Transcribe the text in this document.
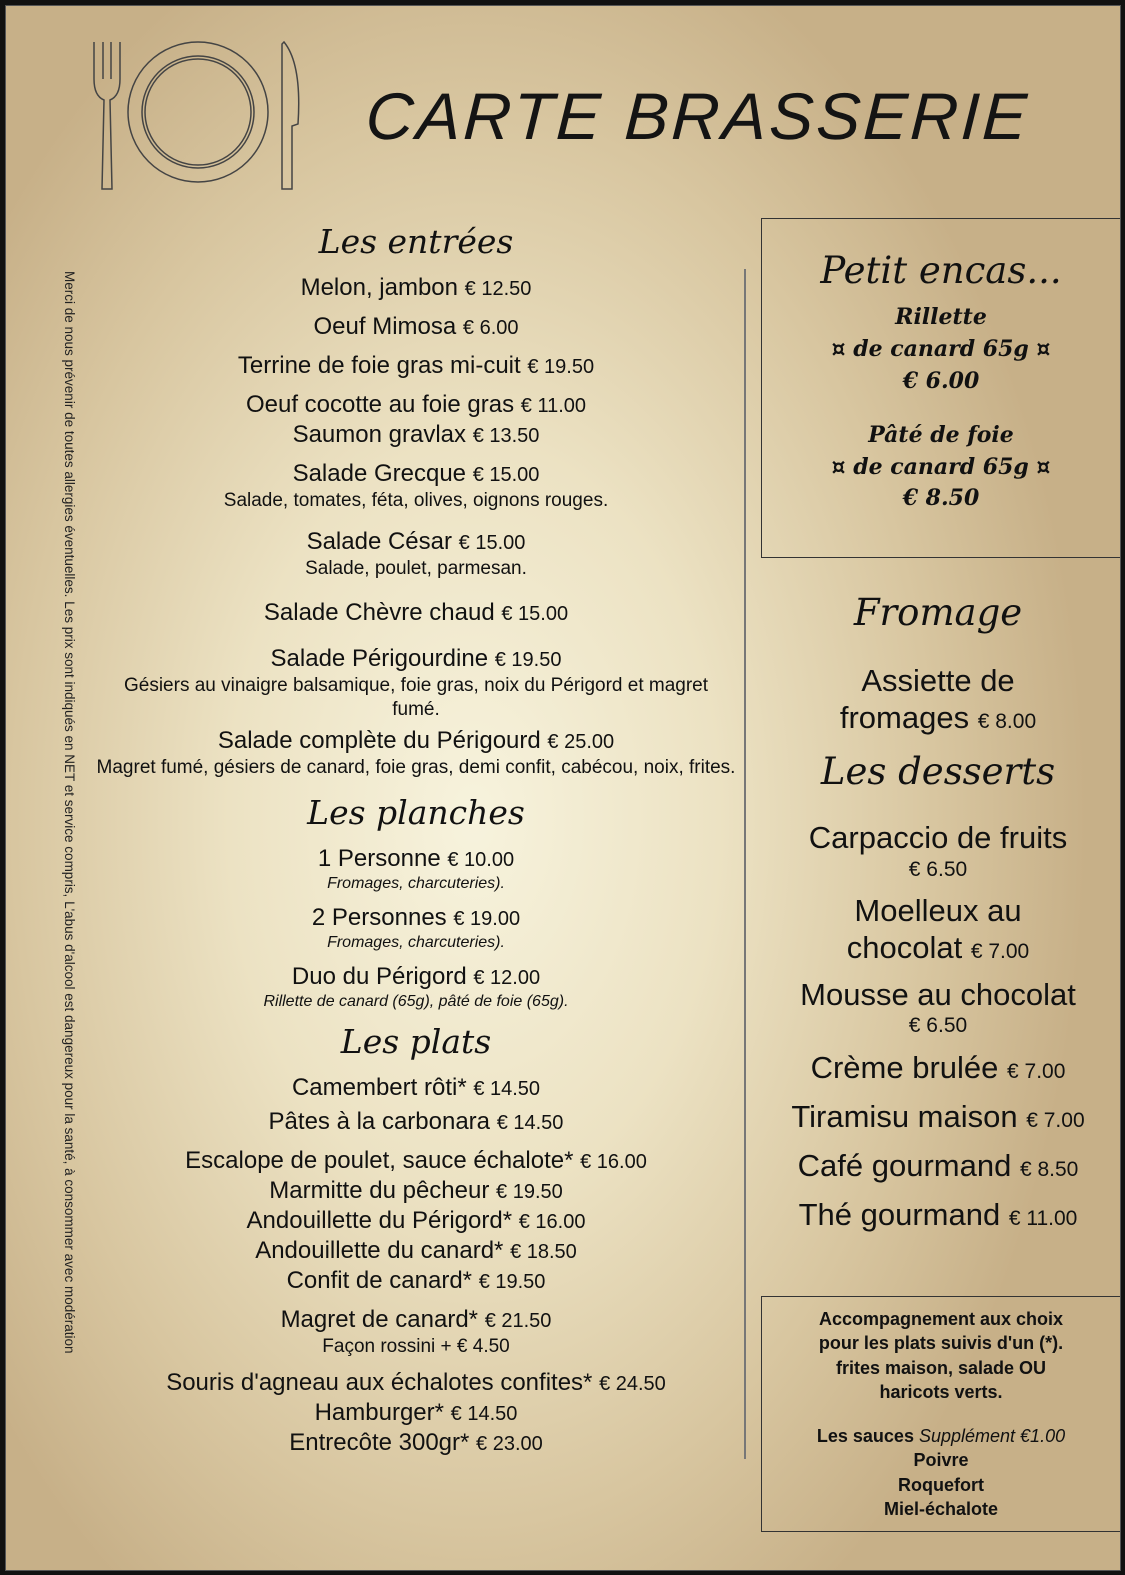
CARTE BRASSERIE
Merci de nous prévenir de toutes allergies éventuelles. Les prix sont indiqués en NET et service compris, L'abus d'alcool est dangereux pour la santé, à consommer avec modération
Les entrées
Melon, jambon € 12.50
Oeuf Mimosa € 6.00
Terrine de foie gras mi-cuit € 19.50
Oeuf cocotte au foie gras € 11.00
Saumon gravlax € 13.50
Salade Grecque € 15.00
Salade, tomates, féta, olives, oignons rouges.
Salade César € 15.00
Salade, poulet, parmesan.
Salade Chèvre chaud € 15.00
Salade Périgourdine € 19.50
Gésiers au vinaigre balsamique, foie gras, noix du Périgord et magret fumé.
Salade complète du Périgourd € 25.00
Magret fumé, gésiers de canard, foie gras, demi confit, cabécou, noix, frites.
Les planches
1 Personne € 10.00
Fromages, charcuteries).
2 Personnes € 19.00
Fromages, charcuteries).
Duo du Périgord € 12.00
Rillette de canard (65g), pâté de foie (65g).
Les plats
Camembert rôti* € 14.50
Pâtes à la carbonara € 14.50
Escalope de poulet, sauce échalote* € 16.00
Marmitte du pêcheur € 19.50
Andouillette du Périgord* € 16.00
Andouillette du canard* € 18.50
Confit de canard* € 19.50
Magret de canard* € 21.50
Façon rossini + € 4.50
Souris d'agneau aux échalotes confites* € 24.50
Hamburger* € 14.50
Entrecôte 300gr* € 23.00
Petit encas...
Rillette
¤ de canard 65g ¤
€ 6.00
Pâté de foie
¤ de canard 65g ¤
€ 8.50
Fromage
Assiette de
fromages € 8.00
Les desserts
Carpaccio de fruits
€ 6.50
Moelleux au
chocolat € 7.00
Mousse au chocolat
€ 6.50
Crème brulée € 7.00
Tiramisu maison € 7.00
Café gourmand € 8.50
Thé gourmand € 11.00
Accompagnement aux choix
pour les plats suivis d'un (*).
frites maison, salade OU
haricots verts.
Les sauces Supplément €1.00
Poivre
Roquefort
Miel-échalote
